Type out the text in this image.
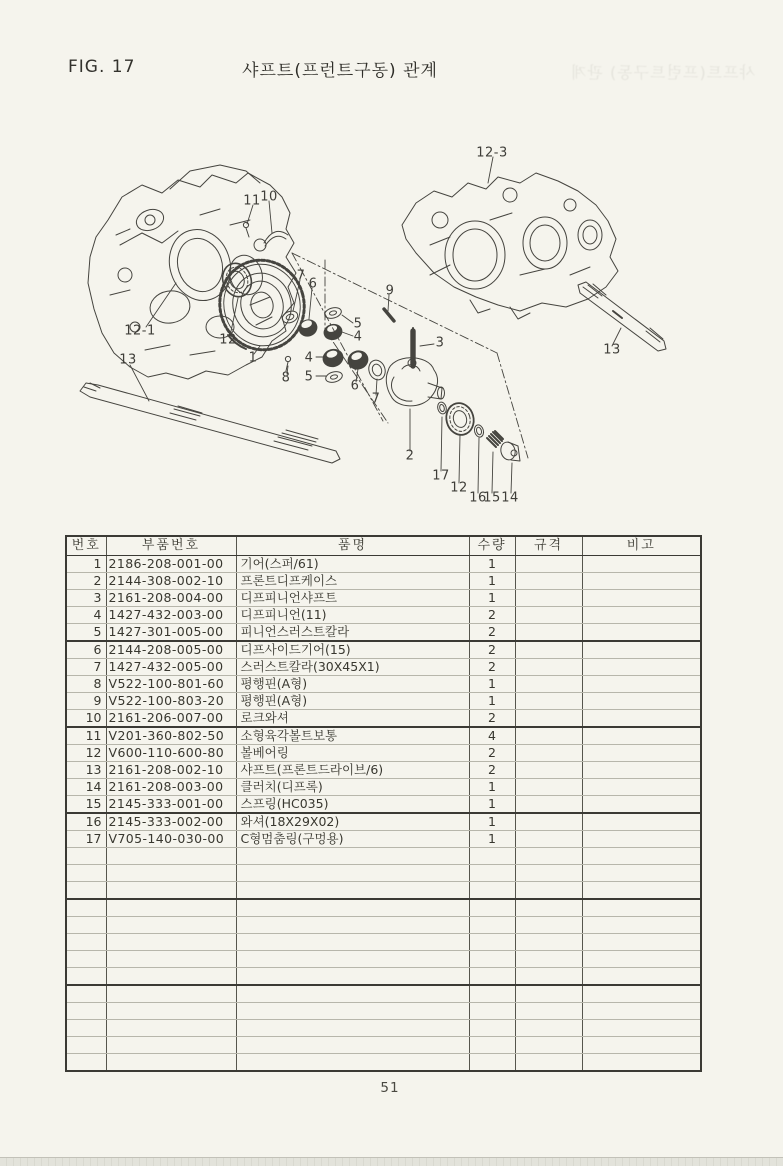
FIG. 17	샤프트(프런트구동) 관계	샤프트(프런트구동) 관계
11 10
12-3
9
12-1
12
1
13
8
7
6
5
4
4
5
6
7
3
2
17
12
16
15 14
13
번호	부품번호	품명	수량	규격	비고
1	2186-208-001-00	기어(스퍼/61)	1		
2	2144-308-002-10	프론트디프케이스	1		
3	2161-208-004-00	디프피니언샤프트	1		
4	1427-432-003-00	디프피니언(11)	2		
5	1427-301-005-00	피니언스러스트칼라	2		
6	2144-208-005-00	디프사이드기어(15)	2		
7	1427-432-005-00	스러스트칼라(30X45X1)	2		
8	V522-100-801-60	평행핀(A형)	1		
9	V522-100-803-20	평행핀(A형)	1		
10	2161-206-007-00	로크와셔	2		
11	V201-360-802-50	소형육각볼트보통	4		
12	V600-110-600-80	볼베어링	2		
13	2161-208-002-10	샤프트(프론트드라이브/6)	2		
14	2161-208-003-00	클러치(디프록)	1		
15	2145-333-001-00	스프링(HC035)	1		
16	2145-333-002-00	와셔(18X29X02)	1		
17	V705-140-030-00	C형멈춤링(구멍용)	1		

51
